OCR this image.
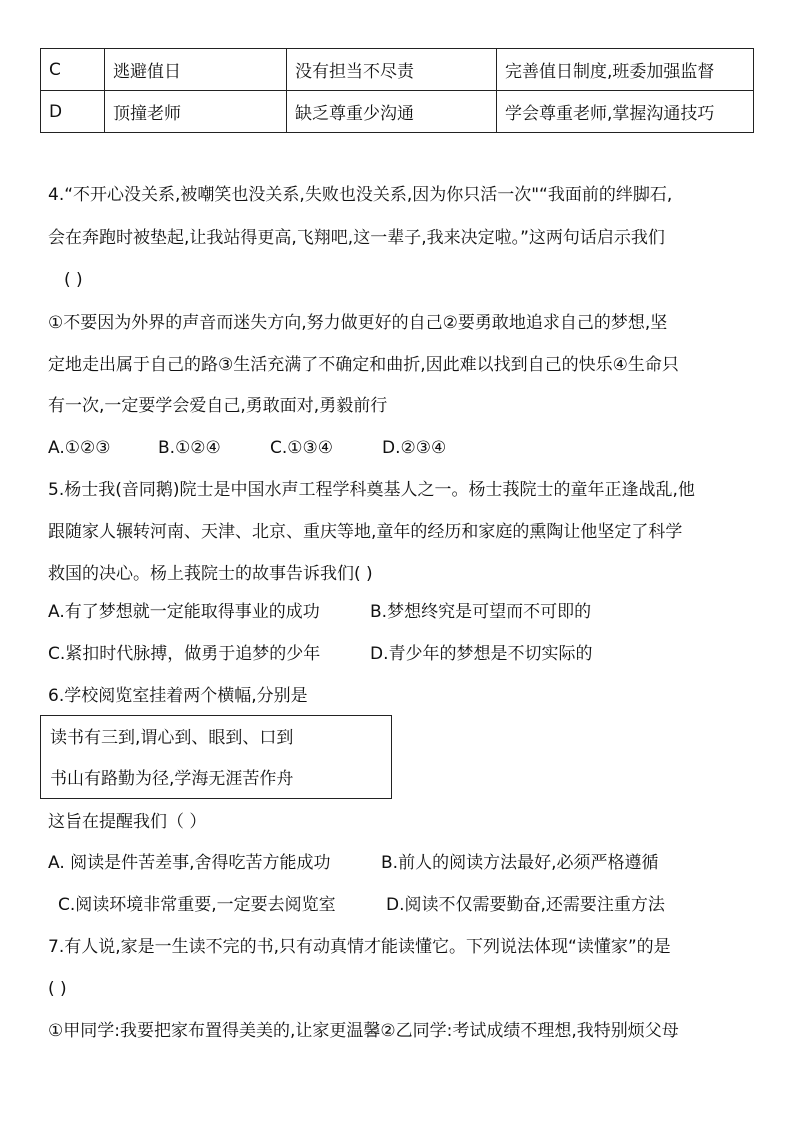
C	逃避值日	没有担当不尽责	完善值日制度,班委加强监督
D	顶撞老师	缺乏尊重少沟通	学会尊重老师,掌握沟通技巧
4.“不开心没关系,被嘲笑也没关系,失败也没关系,因为你只活一次"“我面前的绊脚石,
会在奔跑时被垫起,让我站得更高,飞翔吧,这一辈子,我来决定啦。”这两句话启示我们
( )
①不要因为外界的声音而迷失方向,努力做更好的自己②要勇敢地追求自己的梦想,坚
定地走出属于自己的路③生活充满了不确定和曲折,因此难以找到自己的快乐④生命只
有一次,一定要学会爱自己,勇敢面对,勇毅前行
A.①②③	B.①②④	C.①③④	D.②③④
5.杨士我(音同鹅)院士是中国水声工程学科奠基人之一。杨士莪院士的童年正逢战乱,他
跟随家人辗转河南、天津、北京、重庆等地,童年的经历和家庭的熏陶让他坚定了科学
救国的决心。杨上莪院士的故事告诉我们( )
A.有了梦想就一定能取得事业的成功	B.梦想终究是可望而不可即的
C.紧扣时代脉搏，做勇于追梦的少年	D.青少年的梦想是不切实际的
6.学校阅览室挂着两个横幅,分别是
读书有三到,谓心到、眼到、口到
书山有路勤为径,学海无涯苦作舟
这旨在提醒我们（ ）
A. 阅读是件苦差事,舍得吃苦方能成功	B.前人的阅读方法最好,必须严格遵循
C.阅读环境非常重要,一定要去阅览室	D.阅读不仅需要勤奋,还需要注重方法
7.有人说,家是一生读不完的书,只有动真情才能读懂它。下列说法体现“读懂家”的是
( )
①甲同学:我要把家布置得美美的,让家更温馨②乙同学:考试成绩不理想,我特别烦父母
